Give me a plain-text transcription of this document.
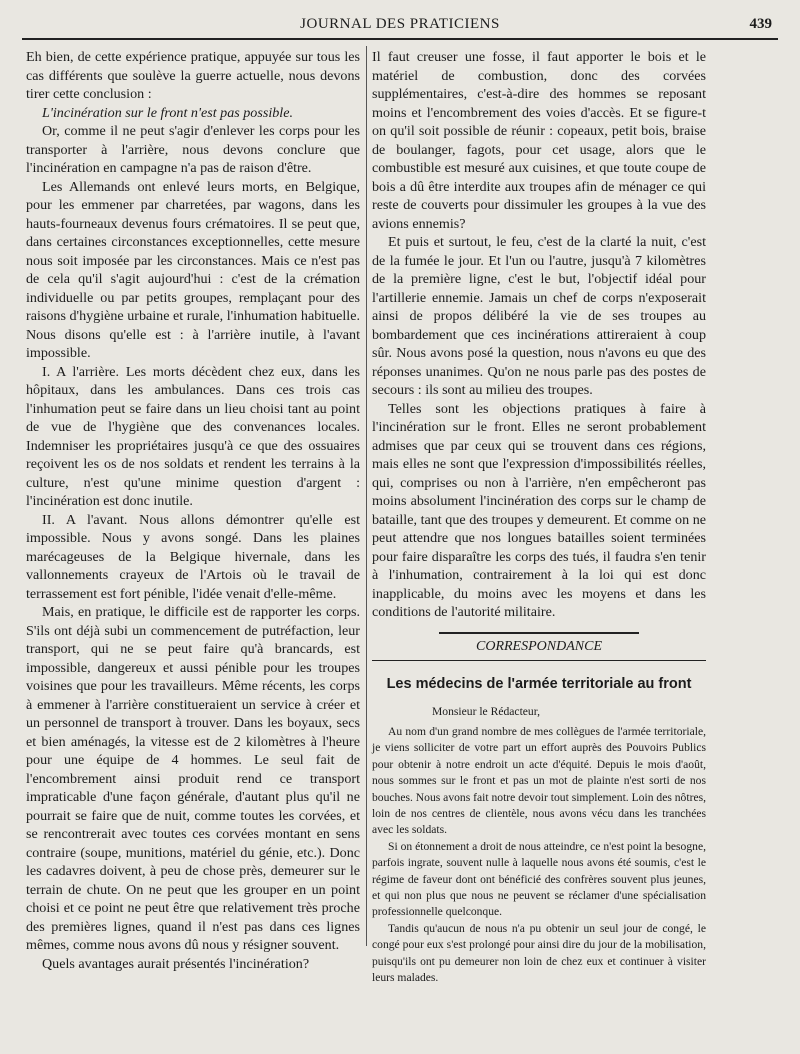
JOURNAL DES PRATICIENS	439

Eh bien, de cette expérience pratique, appuyée sur tous les cas différents que soulève la guerre actuelle, nous devons tirer cette conclusion :

L'incinération sur le front n'est pas possible.

Or, comme il ne peut s'agir d'enlever les corps pour les transporter à l'arrière, nous devons conclure que l'incinération en campagne n'a pas de raison d'être.

Les Allemands ont enlevé leurs morts, en Belgique, pour les emmener par charretées, par wagons, dans les hauts-fourneaux devenus fours crématoires. Il se peut que, dans certaines circonstances exceptionnelles, cette mesure nous soit imposée par les circonstances. Mais ce n'est pas de cela qu'il s'agit aujourd'hui : c'est de la crémation individuelle ou par petits groupes, remplaçant pour des raisons d'hygiène urbaine et rurale, l'inhumation habituelle. Nous disons qu'elle est : à l'arrière inutile, à l'avant impossible.

I. A l'arrière. Les morts décèdent chez eux, dans les hôpitaux, dans les ambulances. Dans ces trois cas l'inhumation peut se faire dans un lieu choisi tant au point de vue de l'hygiène que des convenances locales. Indemniser les propriétaires jusqu'à ce que des ossuaires reçoivent les os de nos soldats et rendent les terrains à la culture, n'est qu'une minime question d'argent : l'incinération est donc inutile.

II. A l'avant. Nous allons démontrer qu'elle est impossible. Nous y avons songé. Dans les plaines marécageuses de la Belgique hivernale, dans les vallonnements crayeux de l'Artois où le travail de terrassement est fort pénible, l'idée venait d'elle-même.

Mais, en pratique, le difficile est de rapporter les corps. S'ils ont déjà subi un commencement de putréfaction, leur transport, qui ne se peut faire qu'à brancards, est impossible, dangereux et aussi pénible pour les troupes voisines que pour les travailleurs. Même récents, les corps à emmener à l'arrière constitueraient un service à créer et un personnel de transport à trouver. Dans les boyaux, secs et bien aménagés, la vitesse est de 2 kilomètres à l'heure pour une équipe de 4 hommes. Le seul fait de l'encombrement ainsi produit rend ce transport impraticable d'une façon générale, d'autant plus qu'il ne pourrait se faire que de nuit, comme toutes les corvées, et se rencontrerait avec toutes ces corvées montant en sens contraire (soupe, munitions, matériel du génie, etc.). Donc les cadavres doivent, à peu de chose près, demeurer sur le terrain de chute. On ne peut que les grouper en un point choisi et ce point ne peut être que relativement très proche des premières lignes, quand il n'est pas dans ces lignes mêmes, comme nous avons dû nous y résigner souvent.

Quels avantages aurait présentés l'incinération?

Il faut creuser une fosse, il faut apporter le bois et le matériel de combustion, donc des corvées supplémentaires, c'est-à-dire des hommes se reposant moins et l'encombrement des voies d'accès. Et se figure-t on qu'il soit possible de réunir : copeaux, petit bois, braise de boulanger, fagots, pour cet usage, alors que le combustible est mesuré aux cuisines, et que toute coupe de bois a dû être interdite aux troupes afin de ménager ce qui reste de couverts pour dissimuler les groupes à la vue des avions ennemis?

Et puis et surtout, le feu, c'est de la clarté la nuit, c'est de la fumée le jour. Et l'un ou l'autre, jusqu'à 7 kilomètres de la première ligne, c'est le but, l'objectif idéal pour l'artillerie ennemie. Jamais un chef de corps n'exposerait ainsi de propos délibéré la vie de ses troupes au bombardement que ces incinérations attireraient à coup sûr. Nous avons posé la question, nous n'avons eu que des réponses unanimes. Qu'on ne nous parle pas des postes de secours : ils sont au milieu des troupes.

Telles sont les objections pratiques à faire à l'incinération sur le front. Elles ne seront probablement admises que par ceux qui se trouvent dans ces régions, mais elles ne sont que l'expression d'impossibilités réelles, qui, comprises ou non à l'arrière, n'en empêcheront pas moins absolument l'incinération des corps sur le champ de bataille, tant que des troupes y demeurent. Et comme on ne peut attendre que nos longues batailles soient terminées pour faire disparaître les corps des tués, il faudra s'en tenir à l'inhumation, contrairement à la loi qui est donc inapplicable, du moins avec les moyens et dans les conditions de l'autorité militaire.

CORRESPONDANCE
Les médecins de l'armée territoriale au front

Monsieur le Rédacteur,

Au nom d'un grand nombre de mes collègues de l'armée territoriale, je viens solliciter de votre part un effort auprès des Pouvoirs Publics pour obtenir à notre endroit un acte d'équité. Depuis le mois d'août, nous sommes sur le front et pas un mot de plainte n'est sorti de nos bouches. Nous avons fait notre devoir tout simplement. Loin des nôtres, loin de nos centres de clientèle, nous avons vécu dans les tranchées avec les soldats.

Si on étonnement a droit de nous atteindre, ce n'est point la besogne, parfois ingrate, souvent nulle à laquelle nous avons été soumis, c'est le régime de faveur dont ont bénéficié des confrères souvent plus jeunes, et qui non plus que nous ne peuvent se réclamer d'une spécialisation professionnelle quelconque.

Tandis qu'aucun de nous n'a pu obtenir un seul jour de congé, le congé pour eux s'est prolongé pour ainsi dire du jour de la mobilisation, puisqu'ils ont pu demeurer non loin de chez eux et continuer à visiter leurs malades.
